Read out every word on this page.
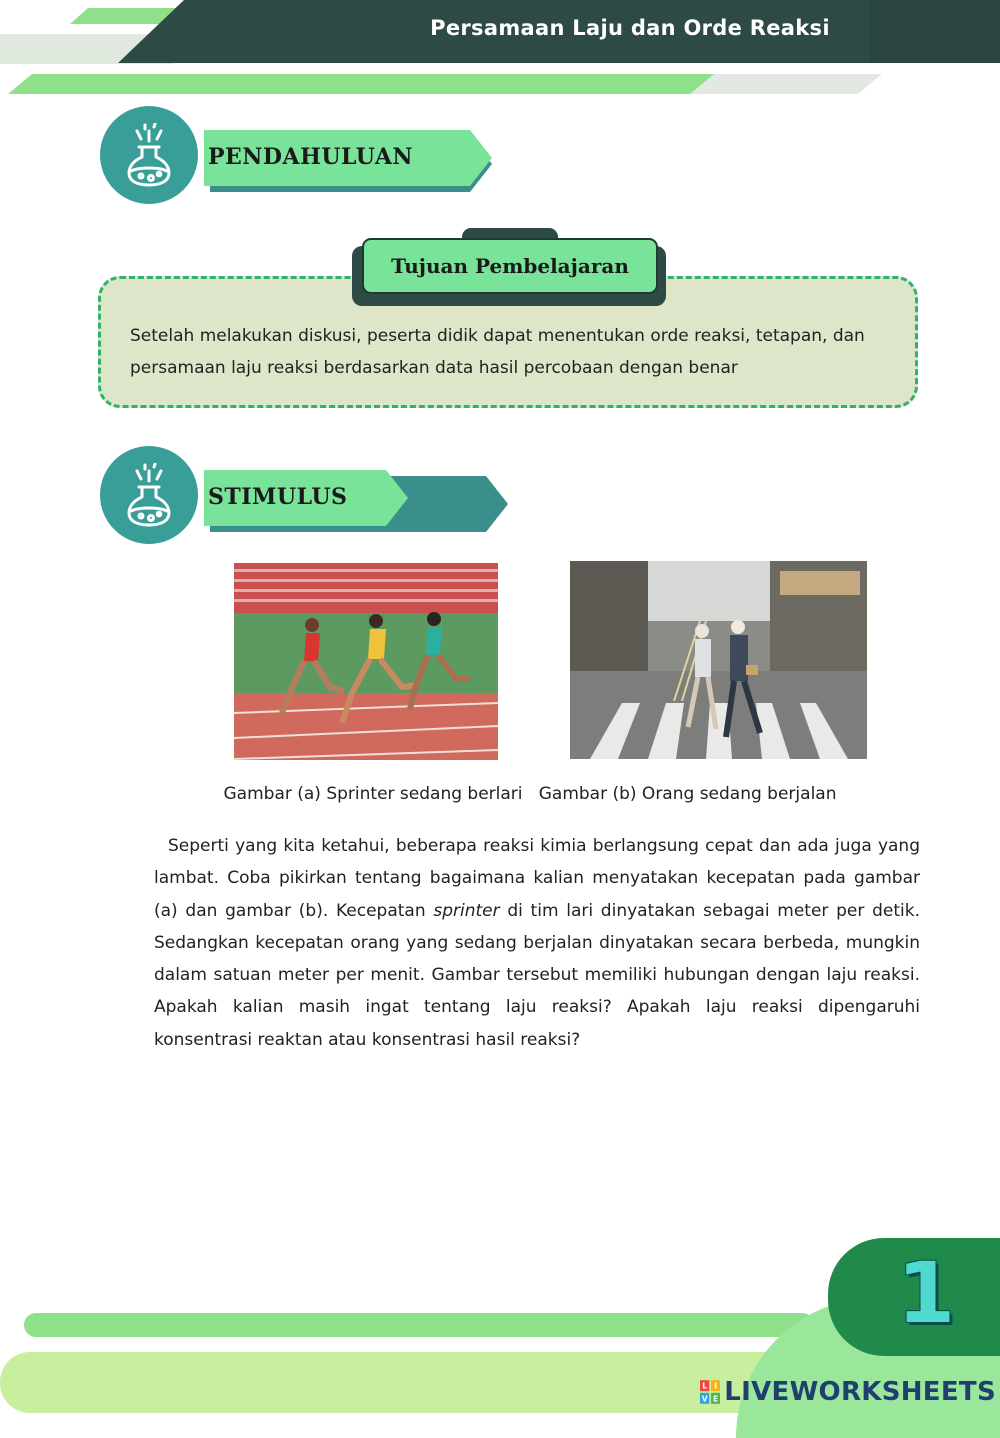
Persamaan Laju dan Orde Reaksi
PENDAHULUAN
Setelah melakukan diskusi, peserta didik dapat menentukan orde reaksi, tetapan, dan persamaan laju reaksi berdasarkan data hasil percobaan dengan benar
Tujuan Pembelajaran
STIMULUS
Gambar (a) Sprinter sedang berlari   Gambar (b) Orang sedang berjalan
Seperti yang kita ketahui, beberapa reaksi kimia berlangsung cepat dan ada juga yang lambat. Coba pikirkan tentang bagaimana kalian menyatakan kecepatan pada gambar (a) dan gambar (b). Kecepatan sprinter di tim lari dinyatakan sebagai meter per detik. Sedangkan kecepatan orang yang sedang berjalan dinyatakan secara berbeda, mungkin dalam satuan meter per menit. Gambar tersebut memiliki hubungan dengan laju reaksi. Apakah kalian masih ingat tentang laju reaksi? Apakah laju reaksi dipengaruhi konsentrasi reaktan atau konsentrasi hasil reaksi?
1
L I
V E LIVEWORKSHEETS
